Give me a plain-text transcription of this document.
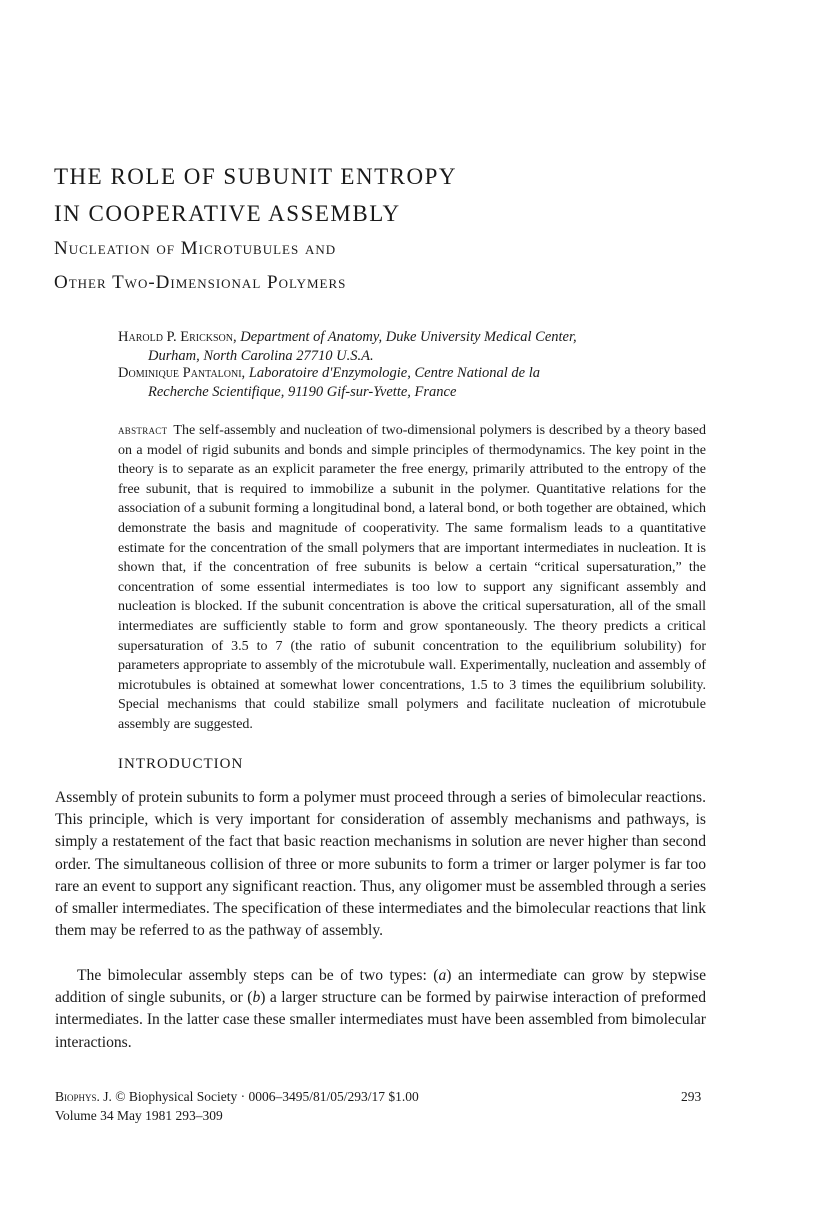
THE ROLE OF SUBUNIT ENTROPY
IN COOPERATIVE ASSEMBLY
Nucleation of Microtubules and
Other Two-Dimensional Polymers
Harold P. Erickson, Department of Anatomy, Duke University Medical Center,
Durham, North Carolina 27710 U.S.A.
Dominique Pantaloni, Laboratoire d'Enzymologie, Centre National de la
Recherche Scientifique, 91190 Gif-sur-Yvette, France
abstract The self-assembly and nucleation of two-dimensional polymers is described by a theory based on a model of rigid subunits and bonds and simple principles of thermodynamics. The key point in the theory is to separate as an explicit parameter the free energy, primarily attributed to the entropy of the free subunit, that is required to immobilize a subunit in the polymer. Quantitative relations for the association of a subunit forming a longitudinal bond, a lateral bond, or both together are obtained, which demonstrate the basis and magnitude of cooperativity. The same formalism leads to a quantitative estimate for the concentration of the small polymers that are important intermediates in nucleation. It is shown that, if the concentration of free subunits is below a certain “critical supersaturation,” the concentration of some essential intermediates is too low to support any significant assembly and nucleation is blocked. If the subunit concentration is above the critical supersaturation, all of the small intermediates are sufficiently stable to form and grow spontaneously. The theory predicts a critical supersaturation of 3.5 to 7 (the ratio of subunit concentration to the equilibrium solubility) for parameters appropriate to assembly of the microtubule wall. Experimentally, nucleation and assembly of microtubules is obtained at somewhat lower concentrations, 1.5 to 3 times the equilibrium solubility. Special mechanisms that could stabilize small polymers and facilitate nucleation of microtubule assembly are suggested.
INTRODUCTION
Assembly of protein subunits to form a polymer must proceed through a series of bimolecular reactions. This principle, which is very important for consideration of assembly mechanisms and pathways, is simply a restatement of the fact that basic reaction mechanisms in solution are never higher than second order. The simultaneous collision of three or more subunits to form a trimer or larger polymer is far too rare an event to support any significant reaction. Thus, any oligomer must be assembled through a series of smaller intermediates. The specification of these intermediates and the bimolecular reactions that link them may be referred to as the pathway of assembly.
The bimolecular assembly steps can be of two types: (a) an intermediate can grow by stepwise addition of single subunits, or (b) a larger structure can be formed by pairwise interaction of preformed intermediates. In the latter case these smaller intermediates must have been assembled from bimolecular interactions.
Biophys. J. © Biophysical Society · 0006–3495/81/05/293/17 $1.00
Volume 34 May 1981 293–309
293
